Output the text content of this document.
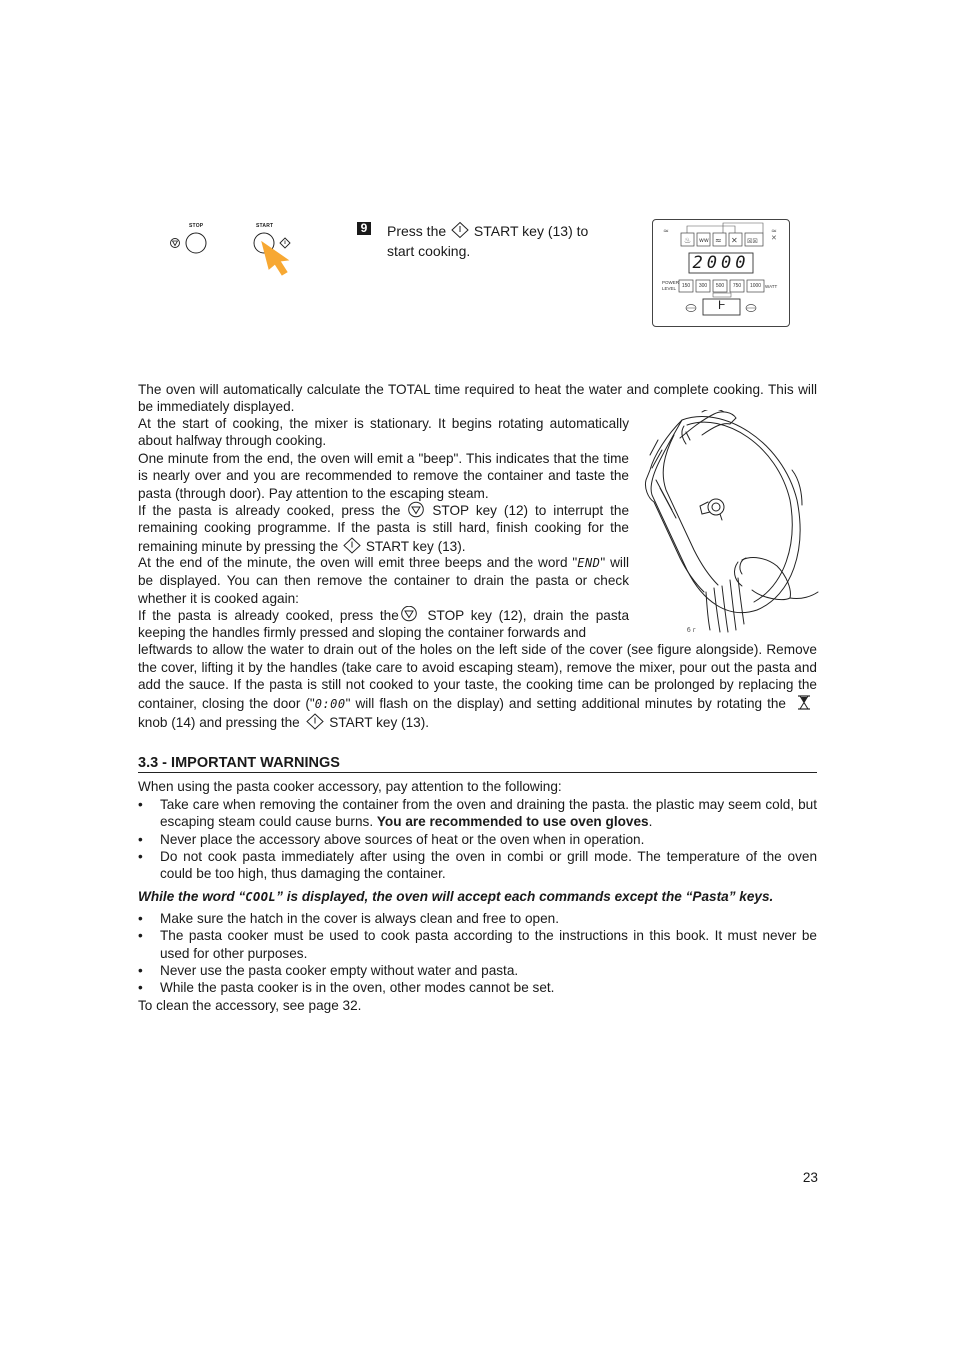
STOP	START	9 Press the START key (13) to
start cooking.
≈	≈
✕
♨ ww ≈ ✕ ☒☒
2000
POWER
LEVEL	150	300	500	750	1000 WATT
Ⱶ
The oven will automatically calculate the TOTAL time required to heat the water and complete cooking. This will be immediately displayed.
At the start of cooking, the mixer is stationary. It begins rotating automatically about halfway through cooking.
One minute from the end, the oven will emit a "beep". This indicates that the time is nearly over and you are recommended to remove the container and taste the pasta (through door). Pay attention to the escaping steam.
If the pasta is already cooked, press the STOP key (12) to interrupt the remaining cooking programme. If the pasta is still hard, finish cooking for the remaining minute by pressing the START key (13).
At the end of the minute, the oven will emit three beeps and the word "END" will be displayed. You can then remove the container to drain the pasta or check whether it is cooked again:
If the pasta is already cooked, press the STOP key (12), drain the pasta keeping the handles firmly pressed and sloping the container forwards and
leftwards to allow the water to drain out of the holes on the left side of the cover (see figure alongside). Remove the cover, lifting it by the handles (take care to avoid escaping steam), remove the mixer, pour out the pasta and add the sauce. If the pasta is still not cooked to your taste, the cooking time can be prolonged by replacing the container, closing the door ("0:00" will flash on the display) and setting additional minutes by rotating the  knob (14) and pressing the START key (13).
б г
3.3 - IMPORTANT WARNINGS
When using the pasta cooker accessory, pay attention to the following:
• Take care when removing the container from the oven and draining the pasta. the plastic may seem cold, but escaping steam could cause burns. You are recommended to use oven gloves.
• Never place the accessory above sources of heat or the oven when in operation.
• Do not cook pasta immediately after using the oven in combi or grill mode. The temperature of the oven could be too high, thus damaging the container.
While the word “COOL” is displayed, the oven will accept each commands except the “Pasta” keys.
• Make sure the hatch in the cover is always clean and free to open.
• The pasta cooker must be used to cook pasta according to the instructions in this book. It must never be used for other purposes.
• Never use the pasta cooker empty without water and pasta.
• While the pasta cooker is in the oven, other modes cannot be set.
To clean the accessory, see page 32.
23
